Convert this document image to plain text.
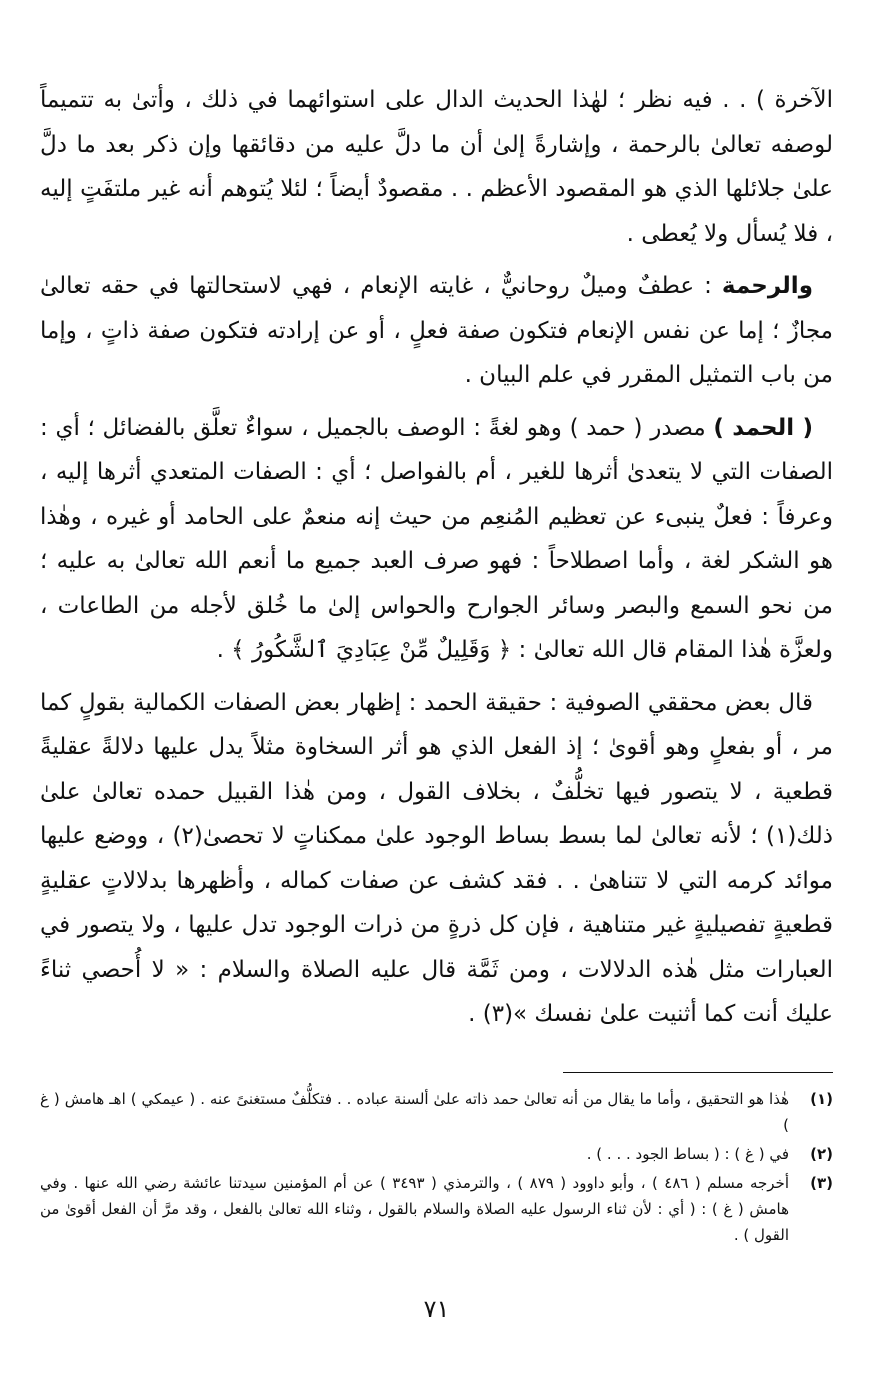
الآخرة ) . . فيه نظر ؛ لهٰذا الحديث الدال على استوائهما في ذلك ، وأتىٰ به تتميماً لوصفه تعالىٰ بالرحمة ، وإشارةً إلىٰ أن ما دلَّ عليه من دقائقها وإن ذكر بعد ما دلَّ علىٰ جلائلها الذي هو المقصود الأعظم . . مقصودٌ أيضاً ؛ لئلا يُتوهم أنه غير ملتفَتٍ إليه ، فلا يُسأل ولا يُعطى .

والرحمة : عطفٌ وميلٌ روحانيٌّ ، غايته الإنعام ، فهي لاستحالتها في حقه تعالىٰ مجازٌ ؛ إما عن نفس الإنعام فتكون صفة فعلٍ ، أو عن إرادته فتكون صفة ذاتٍ ، وإما من باب التمثيل المقرر في علم البيان .

( الحمد ) مصدر ( حمد ) وهو لغةً : الوصف بالجميل ، سواءٌ تعلَّق بالفضائل ؛ أي : الصفات التي لا يتعدىٰ أثرها للغير ، أم بالفواصل ؛ أي : الصفات المتعدي أثرها إليه ، وعرفاً : فعلٌ ينبىء عن تعظيم المُنعِم من حيث إنه منعمٌ على الحامد أو غيره ، وهٰذا هو الشكر لغة ، وأما اصطلاحاً : فهو صرف العبد جميع ما أنعم الله تعالىٰ به عليه ؛ من نحو السمع والبصر وسائر الجوارح والحواس إلىٰ ما خُلق لأجله من الطاعات ، ولعزَّة هٰذا المقام قال الله تعالىٰ : ﴿ وَقَلِيلٌ مِّنْ عِبَادِيَ ٱلشَّكُورُ ﴾ .

قال بعض محققي الصوفية : حقيقة الحمد : إظهار بعض الصفات الكمالية بقولٍ كما مر ، أو بفعلٍ وهو أقوىٰ ؛ إذ الفعل الذي هو أثر السخاوة مثلاً يدل عليها دلالةً عقليةً قطعية ، لا يتصور فيها تخلُّفٌ ، بخلاف القول ، ومن هٰذا القبيل حمده تعالىٰ علىٰ ذلك(١) ؛ لأنه تعالىٰ لما بسط بساط الوجود علىٰ ممكناتٍ لا تحصىٰ(٢) ، ووضع عليها موائد كرمه التي لا تتناهىٰ . . فقد كشف عن صفات كماله ، وأظهرها بدلالاتٍ عقليةٍ قطعيةٍ تفصيليةٍ غير متناهية ، فإن كل ذرةٍ من ذرات الوجود تدل عليها ، ولا يتصور في العبارات مثل هٰذه الدلالات ، ومن ثَمَّة قال عليه الصلاة والسلام : « لا أُحصي ثناءً عليك أنت كما أثنيت علىٰ نفسك »(٣) .

(١)
هٰذا هو التحقيق ، وأما ما يقال من أنه تعالىٰ حمد ذاته علىٰ ألسنة عباده . . فتكلُّفٌ مستغنىً عنه . ( عيمكي ) اهـ هامش ( غ )
(٢)
في ( غ ) : ( بساط الجود . . . ) .
(٣)
أخرجه مسلم ( ٤٨٦ ) ، وأبو داوود ( ٨٧٩ ) ، والترمذي ( ٣٤٩٣ ) عن أم المؤمنين سيدتنا عائشة رضي الله عنها . وفي هامش ( غ ) : ( أي : لأن ثناء الرسول عليه الصلاة والسلام بالقول ، وثناء الله تعالىٰ بالفعل ، وقد مرَّ أن الفعل أقوىٰ من القول ) .
٧١
